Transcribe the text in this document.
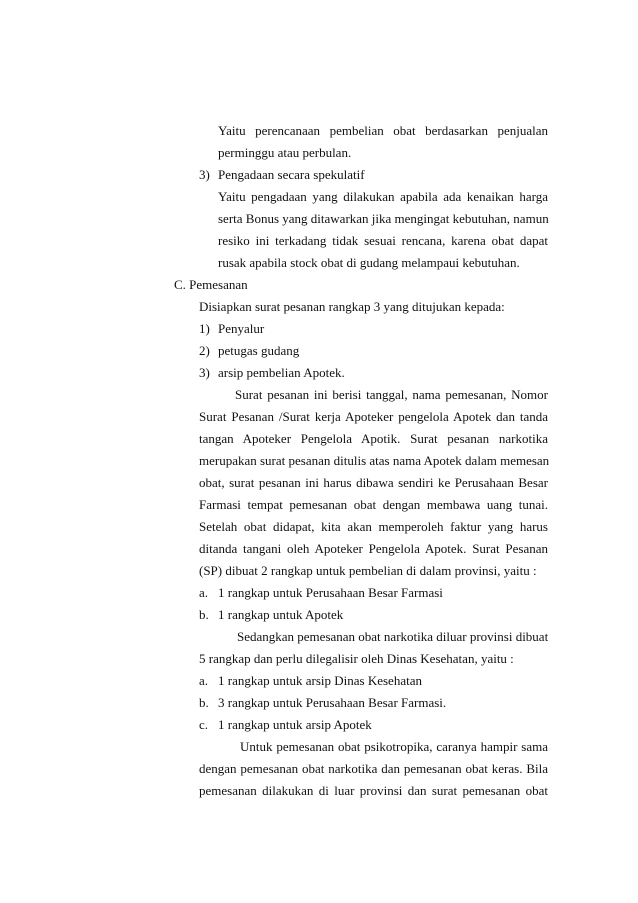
Yaitu perencanaan pembelian obat berdasarkan penjualan

perminggu atau perbulan.

3) Pengadaan secara spekulatif

Yaitu pengadaan yang dilakukan apabila ada kenaikan harga

serta Bonus yang ditawarkan jika mengingat kebutuhan, namun

resiko ini terkadang tidak sesuai rencana, karena obat dapat

rusak apabila stock obat di gudang melampaui kebutuhan.

C. Pemesanan

Disiapkan surat pesanan rangkap 3 yang ditujukan kepada:

1) Penyalur
2) petugas gudang
3) arsip pembelian Apotek.

Surat pesanan ini berisi tanggal, nama pemesanan, Nomor

Surat Pesanan /Surat kerja Apoteker pengelola Apotek dan tanda

tangan Apoteker Pengelola Apotik. Surat pesanan narkotika

merupakan surat pesanan ditulis atas nama Apotek dalam memesan

obat, surat pesanan ini harus dibawa sendiri ke Perusahaan Besar

Farmasi tempat pemesanan obat dengan membawa uang tunai.

Setelah obat didapat, kita akan memperoleh faktur yang harus

ditanda tangani oleh Apoteker Pengelola Apotek. Surat Pesanan

(SP) dibuat 2 rangkap untuk pembelian di dalam provinsi, yaitu :

a. 1 rangkap untuk Perusahaan Besar Farmasi
b. 1 rangkap untuk Apotek

Sedangkan pemesanan obat narkotika diluar provinsi dibuat

5 rangkap dan perlu dilegalisir oleh Dinas Kesehatan, yaitu :

a. 1 rangkap untuk arsip Dinas Kesehatan
b. 3 rangkap untuk Perusahaan Besar Farmasi.
c. 1 rangkap untuk arsip Apotek

Untuk pemesanan obat psikotropika, caranya hampir sama

dengan pemesanan obat narkotika dan pemesanan obat keras. Bila

pemesanan dilakukan di luar provinsi dan surat pemesanan obat
